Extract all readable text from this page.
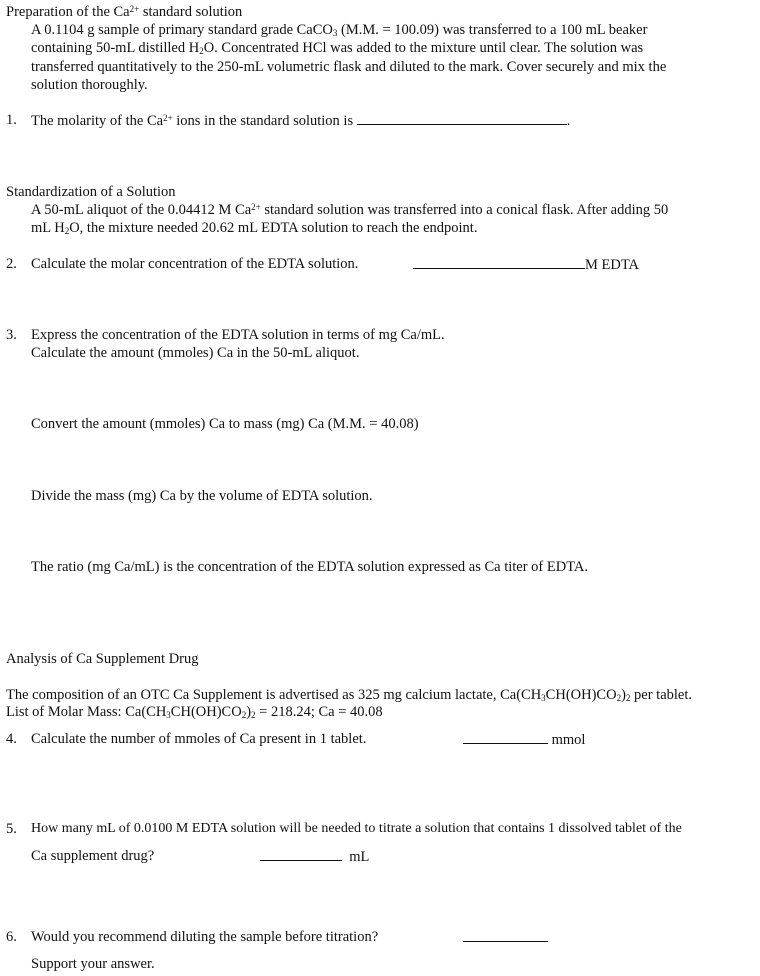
Preparation of the $Ca^{2+}$ standard solution
A 0.1104 g sample of primary standard grade CaCO$_3$ (M.M. = 100.09) was transferred to a 100 mL beaker
containing 50-mL distilled $H_2O$. Concentrated HCl was added to the mixture until clear. The solution was
transferred quantitatively to the 250-mL volumetric flask and diluted to the mark. Cover securely and mix the
solution thoroughly.
1. The molarity of the $Ca^{2+}$ ions in the standard solution is	.
Standardization of a Solution
A 50-mL aliquot of the 0.04412 M $Ca^{2+}$ standard solution was transferred into a conical flask. After adding 50
mL $H_2O$, the mixture needed 20.62 mL EDTA solution to reach the endpoint.
2. Calculate the molar concentration of the EDTA solution.	M EDTA
3. Express the concentration of the EDTA solution in terms of mg Ca/mL.
Calculate the amount (mmoles) Ca in the 50-mL aliquot.
Convert the amount (mmoles) Ca to mass (mg) Ca (M.M. = 40.08)
Divide the mass (mg) Ca by the volume of EDTA solution.
The ratio (mg Ca/mL) is the concentration of the EDTA solution expressed as Ca titer of EDTA.
Analysis of Ca Supplement Drug
The composition of an OTC Ca Supplement is advertised as 325 mg calcium lactate, $Ca(CH_3CH(OH)CO_2)_2$ per tablet.
List of Molar Mass: $Ca(CH_3CH(OH)CO_2)_2 = 218.24$; Ca = 40.08
4. Calculate the number of mmoles of Ca present in 1 tablet.	mmol
5. How many mL of 0.0100 M EDTA solution will be needed to titrate a solution that contains 1 dissolved tablet of the
Ca supplement drug?	mL
6. Would you recommend diluting the sample before titration?
Support your answer.
